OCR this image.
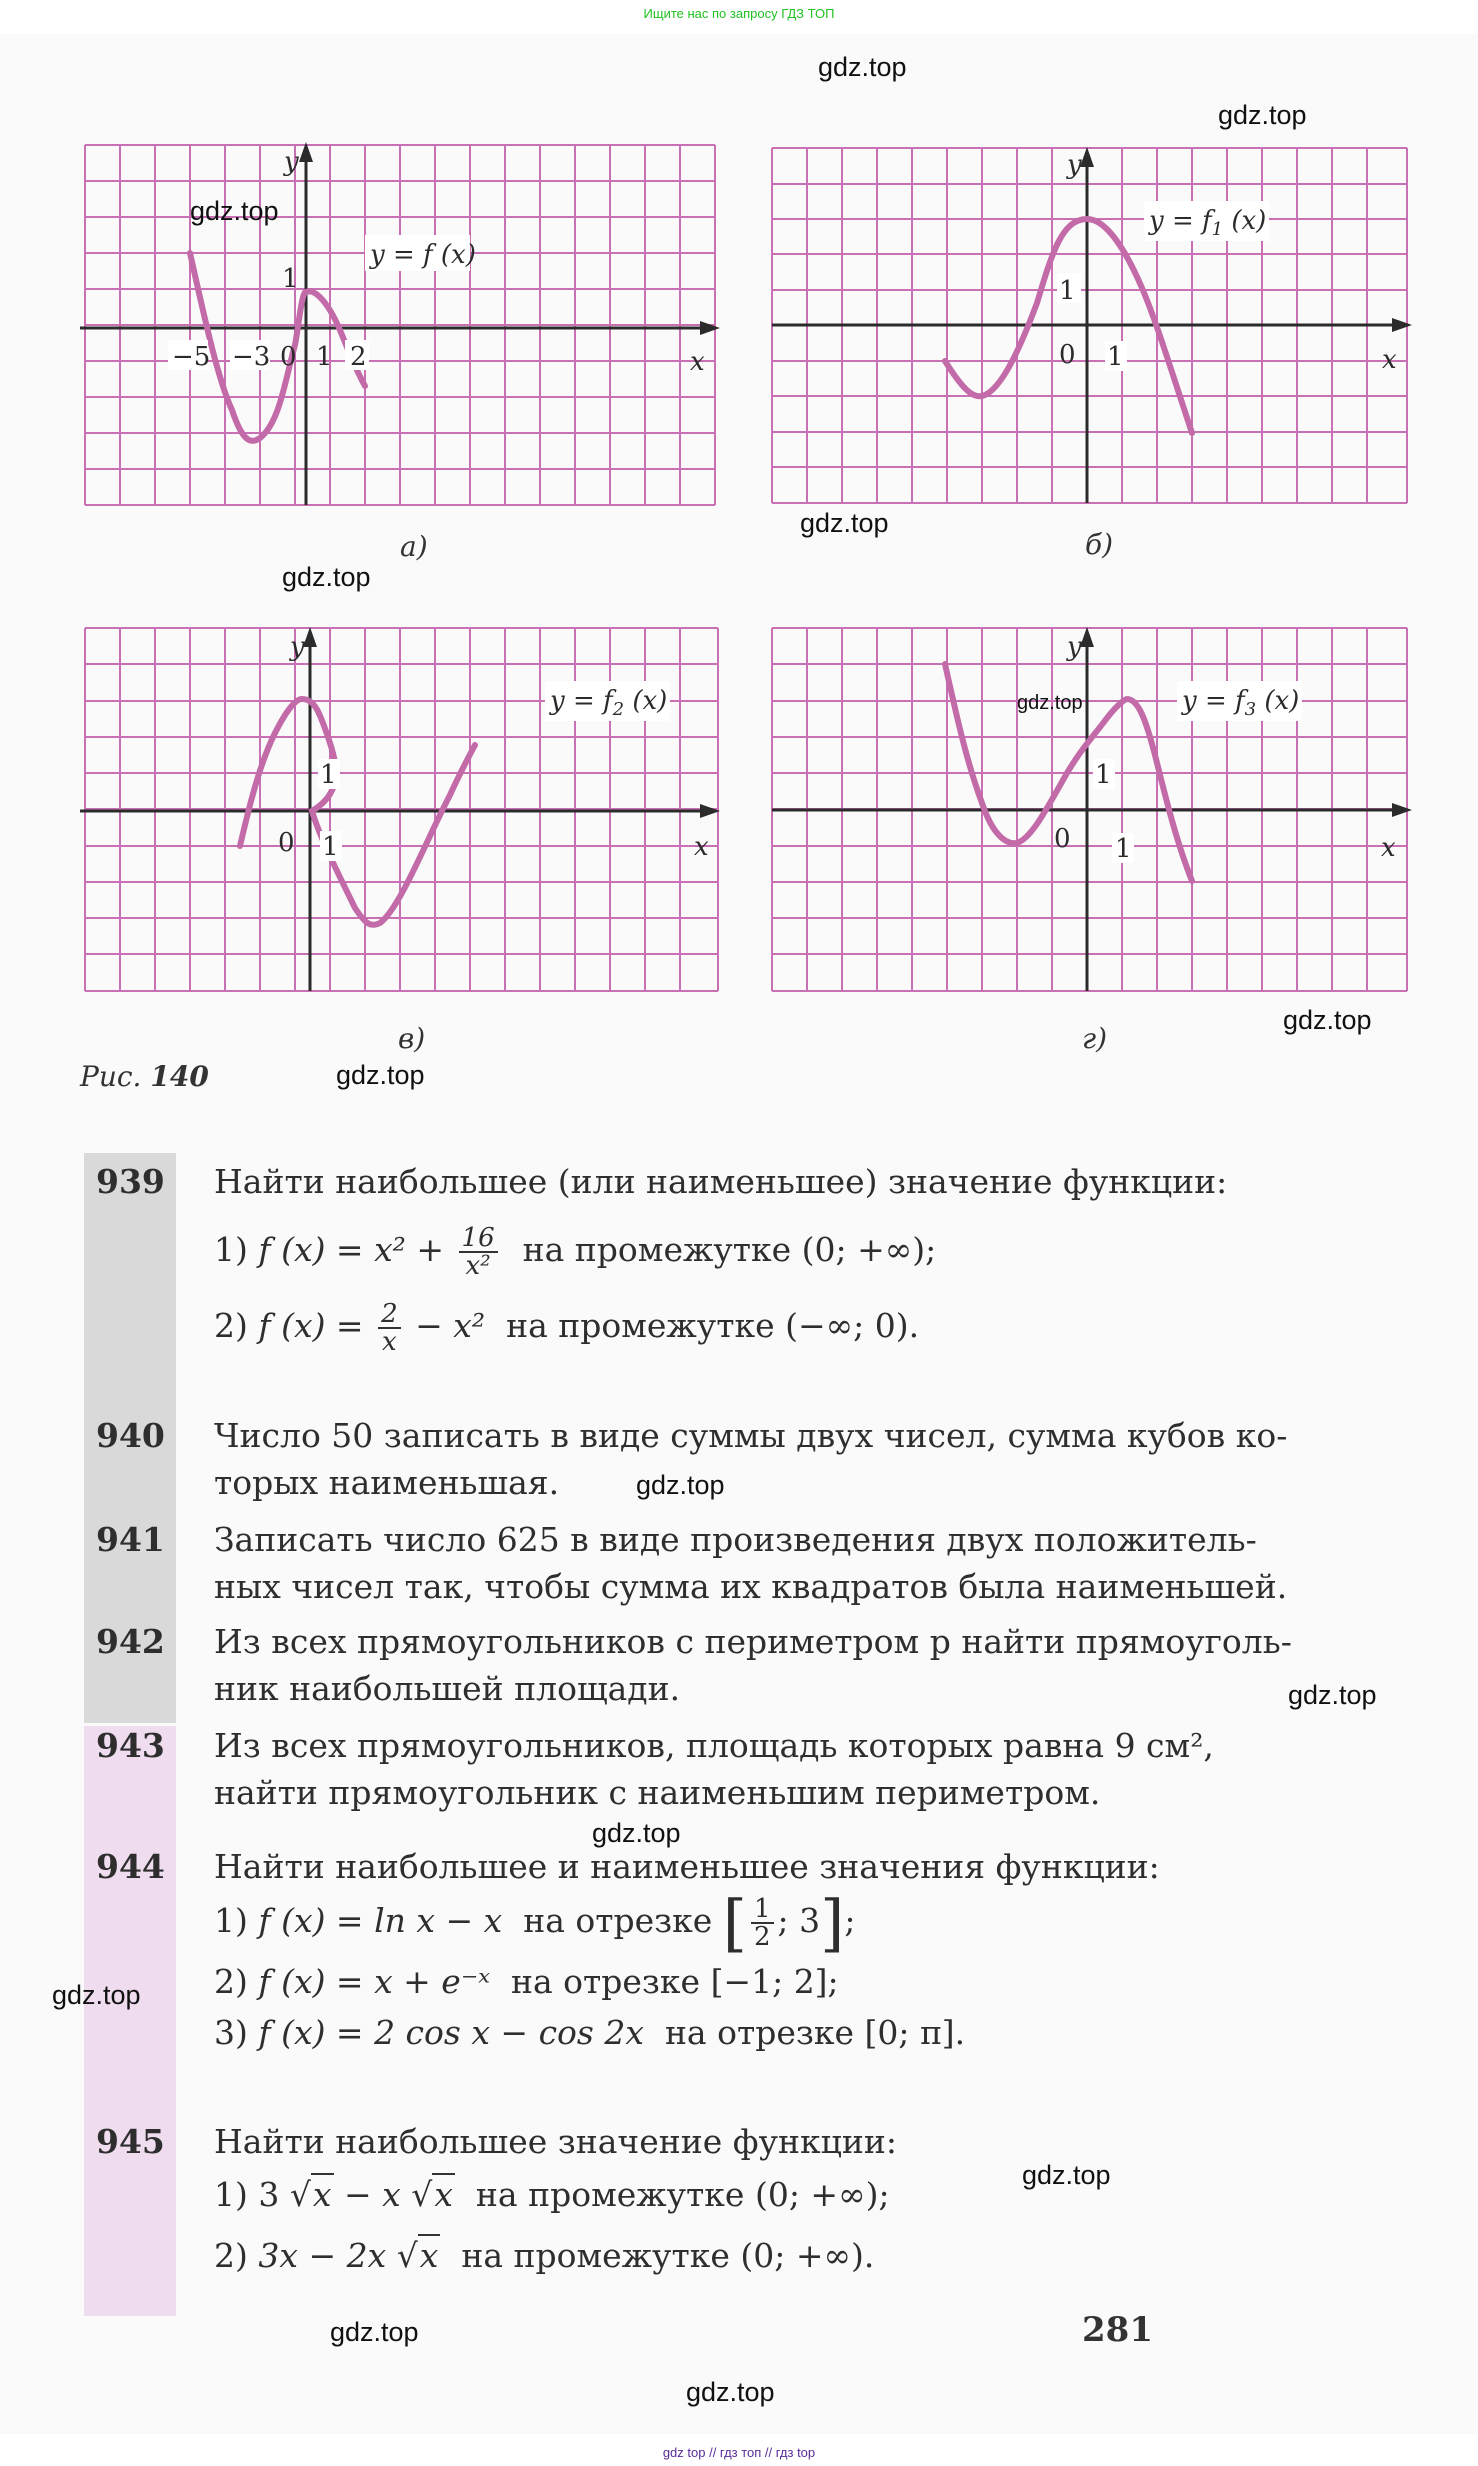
Ищите нас по запросу ГДЗ ТОП
−5 −3 0 1 2
1
y
x
y = f (x)
а)
0 1
1
y
x
$y = f_1$ (x)
б)
0 1
1
y
x
$y = f_2$ (x)
в)
Рис. 140
0 1
1
y
x
$y = f_3$ (x)
г)
939 Найти наибольшее (или наименьшее) значение функции:
1) f $(x) = x^2 + \frac{16}{\text{x²}}$ на промежутке (0; +∞);
2) f $(x) = \frac{2}{x} - x^2$ на промежутке (−∞; 0).
940 Число 50 записать в виде суммы двух чисел, сумма кубов ко-
торых наименьшая.
941 Записать число 625 в виде произведения двух положитель-
ных чисел так, чтобы сумма их квадратов была наименьшей.
942 Из всех прямоугольников с периметром p найти прямоуголь-
ник наибольшей площади.
943 Из всех прямоугольников, площадь которых равна 9 см²,
найти прямоугольник с наименьшим периметром.
944 Найти наибольшее и наименьшее значения функции:
1) f (x) = ln x − x на отрезке [ $\frac{1}{2}$ ; 3];
2) f (x) = x + e⁻ˣ на отрезке [−1; 2];
3) f (x) = 2 cos x − cos 2x на отрезке [0; π].
945 Найти наибольшее значение функции:
1) 3 √x − x √x на промежутке (0; +∞);
2) 3x − 2x √x на промежутке (0; +∞).
281
gdz.top
gdz.top
gdz.top
gdz.top
gdz.top
gdz.top
gdz.top
gdz.top
gdz.top
gdz.top
gdz.top
gdz.top
gdz.top
gdz.top
gdz.top
gdz top // гдз топ // гдз top
